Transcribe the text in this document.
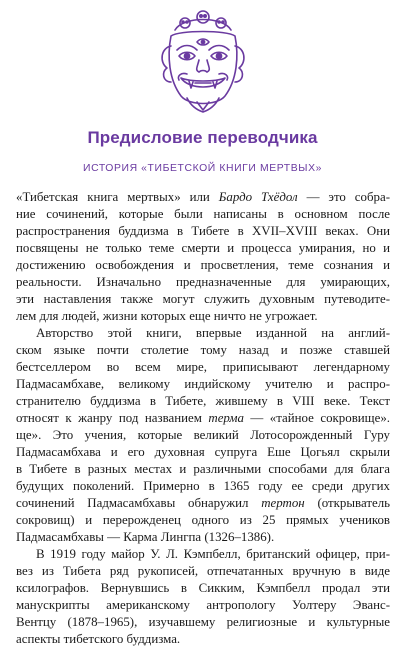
Предисловие переводчика
ИСТОРИЯ «ТИБЕТСКОЙ КНИГИ МЕРТВЫХ»
«Тибетская книга мертвых» или Бардо Тхёдол — это собра-
ние сочинений, которые были написаны в основном после
распространения буддизма в Тибете в XVII–XVIII веках. Они
посвящены не только теме смерти и процесса умирания, но и
достижению освобождения и просветления, теме сознания и
реальности. Изначально предназначенные для умирающих,
эти наставления также могут служить духовным путеводите-
лем для людей, жизни которых еще ничто не угрожает.
Авторство этой книги, впервые изданной на англий-
ском языке почти столетие тому назад и позже ставшей
бестселлером во всем мире, приписывают легендарному
Падмасамбхаве, великому индийскому учителю и распро-
странителю буддизма в Тибете, жившему в VIII веке. Текст
относят к жанру под названием терма — «тайное сокровище».
ще». Это учения, которые великий Лотосорожденный Гуру
Падмасамбхава и его духовная супруга Еше Цогьял скрыли
в Тибете в разных местах и различными способами для блага
будущих поколений. Примерно в 1365 году ее среди других
сочинений Падмасамбхавы обнаружил тертон (открыватель
сокровищ) и перерожденец одного из 25 прямых учеников
Падмасамбхавы — Карма Лингпа (1326–1386).
В 1919 году майор У. Л. Кэмпбелл, британский офицер, при-
вез из Тибета ряд рукописей, отпечатанных вручную в виде
ксилографов. Вернувшись в Сикким, Кэмпбелл продал эти
манускрипты американскому антропологу Уолтеру Эванс-
Вентцу (1878–1965), изучавшему религиозные и культурные
аспекты тибетского буддизма.
